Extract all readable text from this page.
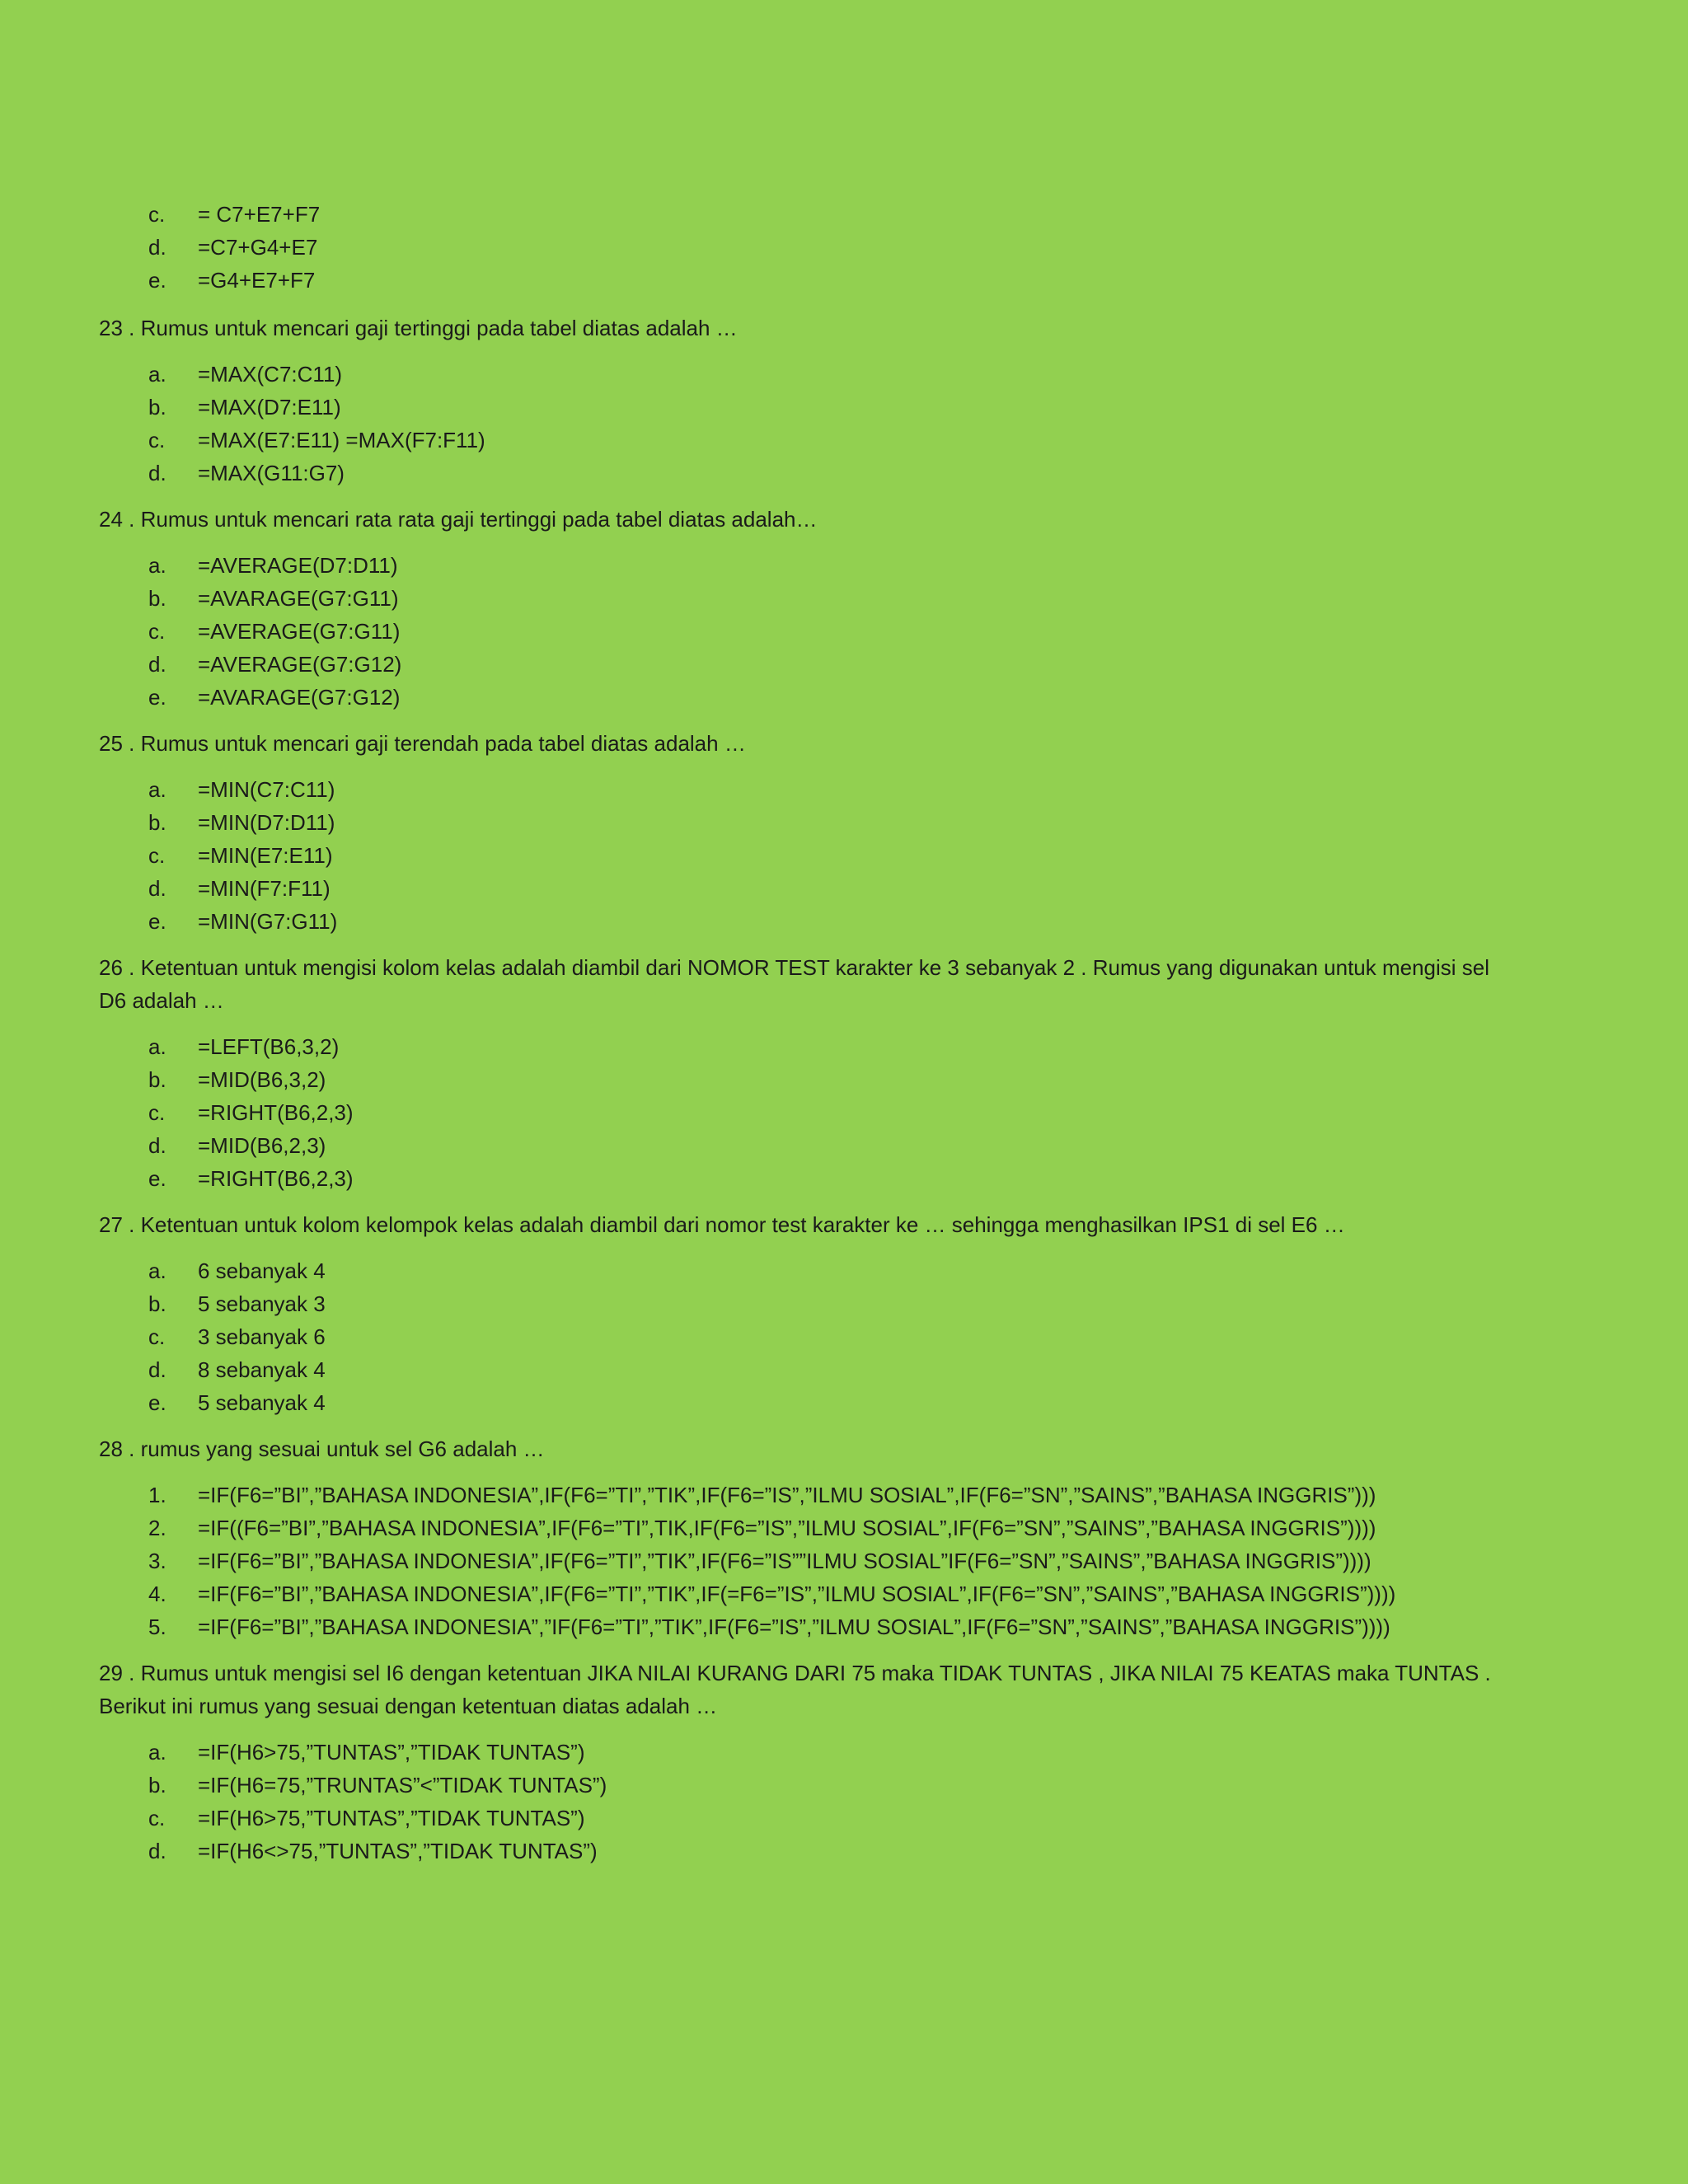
c.	= C7+E7+F7
d.	=C7+G4+E7
e.	=G4+E7+F7

23 . Rumus untuk mencari gaji tertinggi pada tabel diatas adalah …

a.	=MAX(C7:C11)
b.	=MAX(D7:E11)
c.	=MAX(E7:E11) =MAX(F7:F11)
d.	=MAX(G11:G7)

24 . Rumus untuk mencari rata rata gaji tertinggi pada tabel diatas adalah…

a.	=AVERAGE(D7:D11)
b.	=AVARAGE(G7:G11)
c.	=AVERAGE(G7:G11)
d.	=AVERAGE(G7:G12)
e.	=AVARAGE(G7:G12)

25 . Rumus untuk mencari gaji terendah pada tabel diatas adalah …

a.	=MIN(C7:C11)
b.	=MIN(D7:D11)
c.	=MIN(E7:E11)
d.	=MIN(F7:F11)
e.	=MIN(G7:G11)

26 . Ketentuan untuk mengisi kolom kelas adalah diambil dari NOMOR TEST karakter ke 3 sebanyak 2 . Rumus yang digunakan untuk mengisi sel D6 adalah …

a.	=LEFT(B6,3,2)
b.	=MID(B6,3,2)
c.	=RIGHT(B6,2,3)
d.	=MID(B6,2,3)
e.	=RIGHT(B6,2,3)

27 . Ketentuan untuk kolom kelompok kelas adalah diambil dari nomor test karakter ke … sehingga menghasilkan IPS1 di sel E6 …

a.	6 sebanyak 4
b.	5 sebanyak 3
c.	3 sebanyak 6
d.	8 sebanyak 4
e.	5 sebanyak 4

28 . rumus yang sesuai untuk sel G6 adalah …

1.	=IF(F6=”BI”,”BAHASA INDONESIA”,IF(F6=”TI”,”TIK”,IF(F6=”IS”,”ILMU SOSIAL”,IF(F6=”SN”,”SAINS”,”BAHASA INGGRIS”)))
2.	=IF((F6=”BI”,”BAHASA INDONESIA”,IF(F6=”TI”,TIK,IF(F6=”IS”,”ILMU SOSIAL”,IF(F6=”SN”,”SAINS”,”BAHASA INGGRIS”))))
3.	=IF(F6=”BI”,”BAHASA INDONESIA”,IF(F6=”TI”,”TIK”,IF(F6=”IS””ILMU SOSIAL”IF(F6=”SN”,”SAINS”,”BAHASA INGGRIS”))))
4.	=IF(F6=”BI”,”BAHASA INDONESIA”,IF(F6=”TI”,”TIK”,IF(=F6=”IS”,”ILMU SOSIAL”,IF(F6=”SN”,”SAINS”,”BAHASA INGGRIS”))))
5.	=IF(F6=”BI”,”BAHASA INDONESIA”,”IF(F6=”TI”,”TIK”,IF(F6=”IS”,”ILMU SOSIAL”,IF(F6=”SN”,”SAINS”,”BAHASA INGGRIS”))))

29 . Rumus untuk mengisi sel I6 dengan ketentuan JIKA NILAI KURANG DARI 75 maka TIDAK TUNTAS , JIKA NILAI 75 KEATAS maka TUNTAS . Berikut ini rumus yang sesuai dengan ketentuan diatas adalah …

a.	=IF(H6>75,”TUNTAS”,”TIDAK TUNTAS”)
b.	=IF(H6=75,”TRUNTAS”<”TIDAK TUNTAS”)
c.	=IF(H6>75,”TUNTAS”,”TIDAK TUNTAS”)
d.	=IF(H6<>75,”TUNTAS”,”TIDAK TUNTAS”)
